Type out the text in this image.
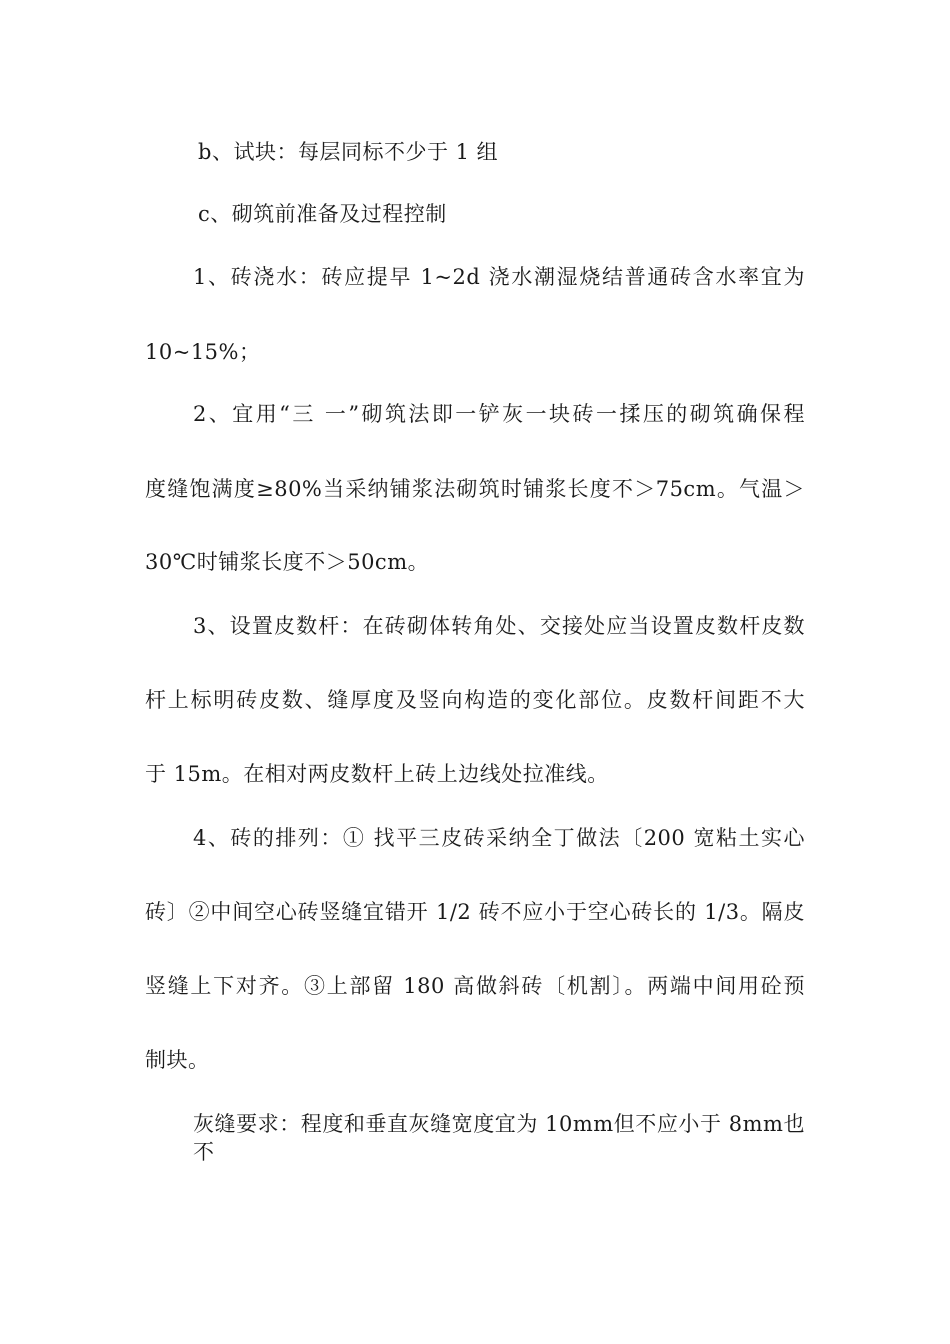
b、试块：每层同标不少于 1 组
c、砌筑前准备及过程控制
1、砖浇水：砖应提早 1~2d 浇水潮湿烧结普通砖含水率宜为
10~15%；
2、宜用“三 一”砌筑法即一铲灰一块砖一揉压的砌筑确保程
度缝饱满度≥80%当采纳铺浆法砌筑时铺浆长度不＞75cm。气温＞
30℃时铺浆长度不＞50cm。
3、设置皮数杆：在砖砌体转角处、交接处应当设置皮数杆皮数
杆上标明砖皮数、缝厚度及竖向构造的变化部位。皮数杆间距不大
于 15m。在相对两皮数杆上砖上边线处拉准线。
4、砖的排列：① 找平三皮砖采纳全丁做法〔200 宽粘土实心
砖〕②中间空心砖竖缝宜错开 1/2 砖不应小于空心砖长的 1/3。隔皮
竖缝上下对齐。③上部留 180 高做斜砖〔机割〕。两端中间用砼预
制块。
灰缝要求：程度和垂直灰缝宽度宜为 10mm但不应小于 8mm也不
